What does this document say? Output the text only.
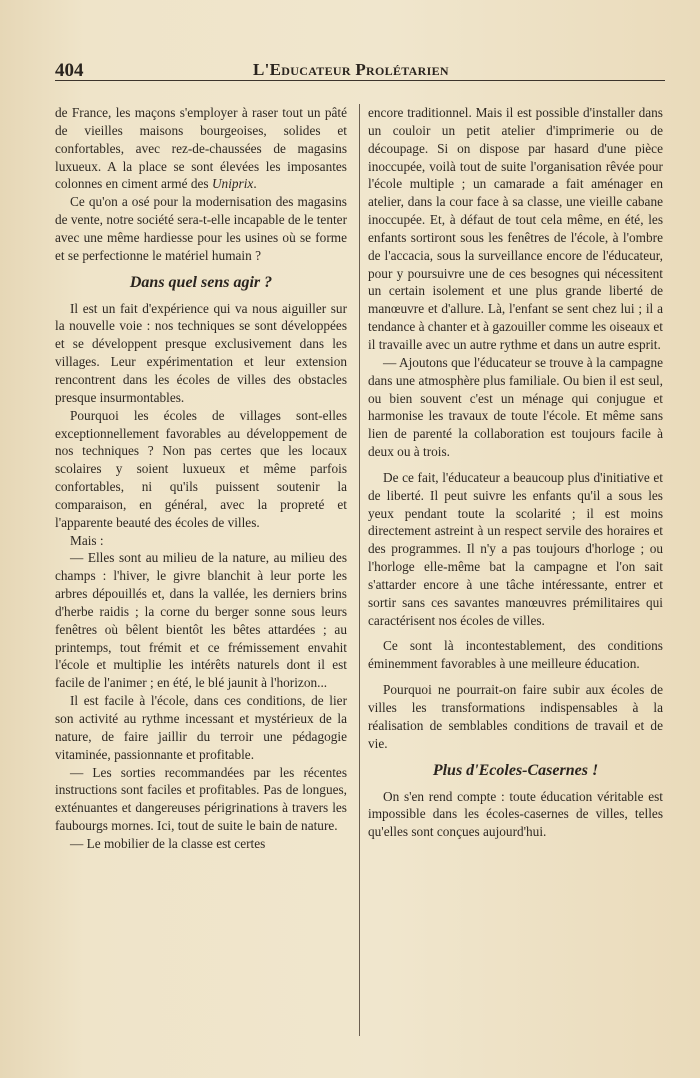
404	L'Educateur Prolétarien

de France, les maçons s'employer à raser tout un pâté de vieilles maisons bourgeoises, solides et confortables, avec rez-de-chaussées de magasins luxueux. A la place se sont élevées les imposantes colonnes en ciment armé des Uniprix.

Ce qu'on a osé pour la modernisation des magasins de vente, notre société sera-t-elle incapable de le tenter avec une même hardiesse pour les usines où se forme et se perfectionne le matériel humain ?

Dans quel sens agir ?

Il est un fait d'expérience qui va nous aiguiller sur la nouvelle voie : nos techniques se sont développées et se développent presque exclusivement dans les villages. Leur expérimentation et leur extension rencontrent dans les écoles de villes des obstacles presque insurmontables.

Pourquoi les écoles de villages sont-elles exceptionnellement favorables au développement de nos techniques ? Non pas certes que les locaux scolaires y soient luxueux et même parfois confortables, ni qu'ils puissent soutenir la comparaison, en général, avec la propreté et l'apparente beauté des écoles de villes.

Mais :

— Elles sont au milieu de la nature, au milieu des champs : l'hiver, le givre blanchit à leur porte les arbres dépouillés et, dans la vallée, les derniers brins d'herbe raidis ; la corne du berger sonne sous leurs fenêtres où bêlent bientôt les bêtes attardées ; au printemps, tout frémit et ce frémissement envahit l'école et multiplie les intérêts naturels dont il est facile de l'animer ; en été, le blé jaunit à l'horizon...

Il est facile à l'école, dans ces conditions, de lier son activité au rythme incessant et mystérieux de la nature, de faire jaillir du terroir une pédagogie vitaminée, passionnante et profitable.

— Les sorties recommandées par les récentes instructions sont faciles et profitables. Pas de longues, exténuantes et dangereuses périgrinations à travers les faubourgs mornes. Ici, tout de suite le bain de nature.

— Le mobilier de la classe est certes

encore traditionnel. Mais il est possible d'installer dans un couloir un petit atelier d'imprimerie ou de découpage. Si on dispose par hasard d'une pièce inoccupée, voilà tout de suite l'organisation rêvée pour l'école multiple ; un camarade a fait aménager en atelier, dans la cour face à sa classe, une vieille cabane inoccupée. Et, à défaut de tout cela même, en été, les enfants sortiront sous les fenêtres de l'école, à l'ombre de l'accacia, sous la surveillance encore de l'éducateur, pour y poursuivre une de ces besognes qui nécessitent un certain isolement et une plus grande liberté de manœuvre et d'allure. Là, l'enfant se sent chez lui ; il a tendance à chanter et à gazouiller comme les oiseaux et il travaille avec un autre rythme et dans un autre esprit.

— Ajoutons que l'éducateur se trouve à la campagne dans une atmosphère plus familiale. Ou bien il est seul, ou bien souvent c'est un ménage qui conjugue et harmonise les travaux de toute l'école. Et même sans lien de parenté la collaboration est toujours facile à deux ou à trois.

De ce fait, l'éducateur a beaucoup plus d'initiative et de liberté. Il peut suivre les enfants qu'il a sous les yeux pendant toute la scolarité ; il est moins directement astreint à un respect servile des horaires et des programmes. Il n'y a pas toujours d'horloge ; ou l'horloge elle-même bat la campagne et l'on sait s'attarder encore à une tâche intéressante, entrer et sortir sans ces savantes manœuvres prémilitaires qui caractérisent nos écoles de villes.

Ce sont là incontestablement, des conditions éminemment favorables à une meilleure éducation.

Pourquoi ne pourrait-on faire subir aux écoles de villes les transformations indispensables à la réalisation de semblables conditions de travail et de vie.

Plus d'Ecoles-Casernes !

On s'en rend compte : toute éducation véritable est impossible dans les écoles-casernes de villes, telles qu'elles sont conçues aujourd'hui.
